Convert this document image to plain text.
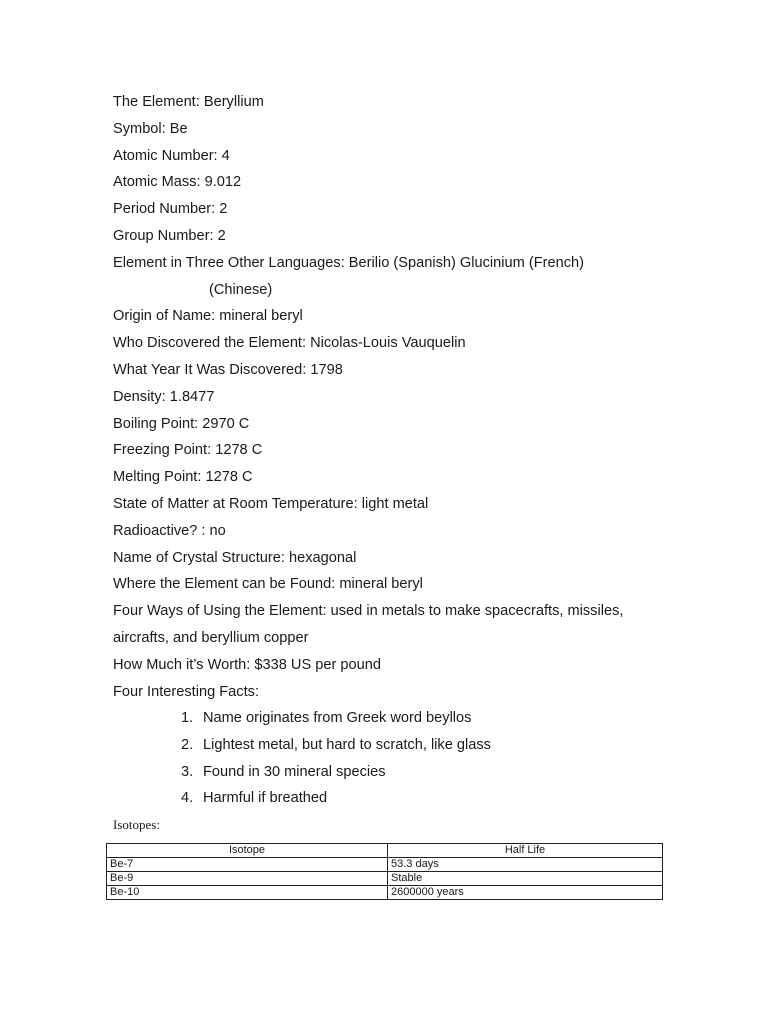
The Element: Beryllium
Symbol: Be
Atomic Number: 4
Atomic Mass: 9.012
Period Number: 2
Group Number: 2
Element in Three Other Languages: Berilio (Spanish) Glucinium (French)
(Chinese)
Origin of Name: mineral beryl
Who Discovered the Element: Nicolas-Louis Vauquelin
What Year It Was Discovered: 1798
Density: 1.8477
Boiling Point: 2970 C
Freezing Point: 1278 C
Melting Point: 1278 C
State of Matter at Room Temperature: light metal
Radioactive? : no
Name of Crystal Structure: hexagonal
Where the Element can be Found: mineral beryl
Four Ways of Using the Element: used in metals to make spacecrafts, missiles,
aircrafts, and beryllium copper
How Much it’s Worth: $338 US per pound
Four Interesting Facts:
1. Name originates from Greek word beyllos
2. Lightest metal, but hard to scratch, like glass
3. Found in 30 mineral species
4. Harmful if breathed
Isotopes:
Isotope	Half Life
Be-7	53.3 days
Be-9	Stable
Be-10	2600000 years
